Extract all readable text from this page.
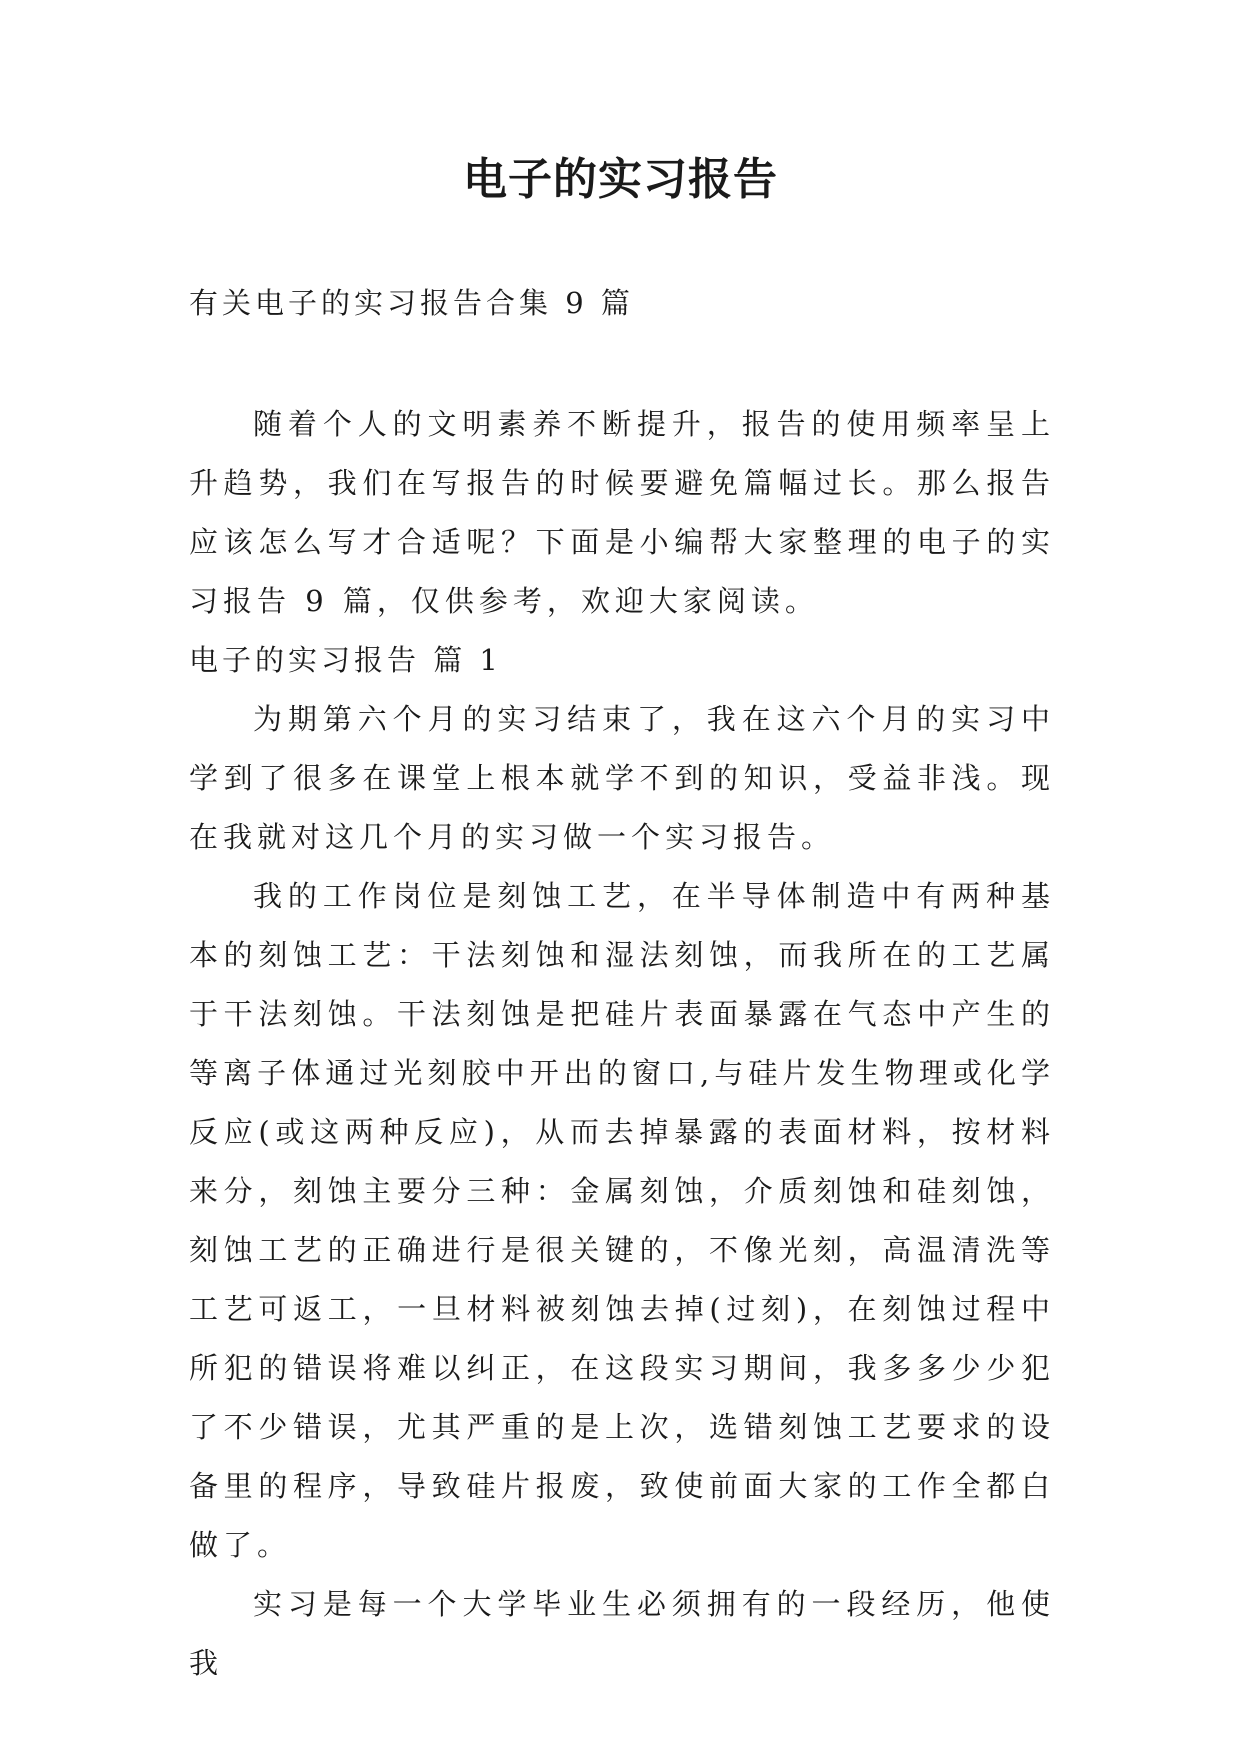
电子的实习报告

有关电子的实习报告合集 9 篇

随着个人的文明素养不断提升，报告的使用频率呈上升趋势，我们在写报告的时候要避免篇幅过长。那么报告应该怎么写才合适呢？下面是小编帮大家整理的电子的实习报告 9 篇，仅供参考，欢迎大家阅读。

电子的实习报告 篇 1

为期第六个月的实习结束了，我在这六个月的实习中学到了很多在课堂上根本就学不到的知识，受益非浅。现在我就对这几个月的实习做一个实习报告。

我的工作岗位是刻蚀工艺，在半导体制造中有两种基本的刻蚀工艺：干法刻蚀和湿法刻蚀，而我所在的工艺属于干法刻蚀。干法刻蚀是把硅片表面暴露在气态中产生的等离子体通过光刻胶中开出的窗口,与硅片发生物理或化学反应(或这两种反应)，从而去掉暴露的表面材料，按材料来分，刻蚀主要分三种：金属刻蚀，介质刻蚀和硅刻蚀，刻蚀工艺的正确进行是很关键的，不像光刻，高温清洗等工艺可返工，一旦材料被刻蚀去掉(过刻)，在刻蚀过程中所犯的错误将难以纠正，在这段实习期间，我多多少少犯了不少错误，尤其严重的是上次，选错刻蚀工艺要求的设备里的程序，导致硅片报废，致使前面大家的工作全都白做了。

实习是每一个大学毕业生必须拥有的一段经历，他使我
